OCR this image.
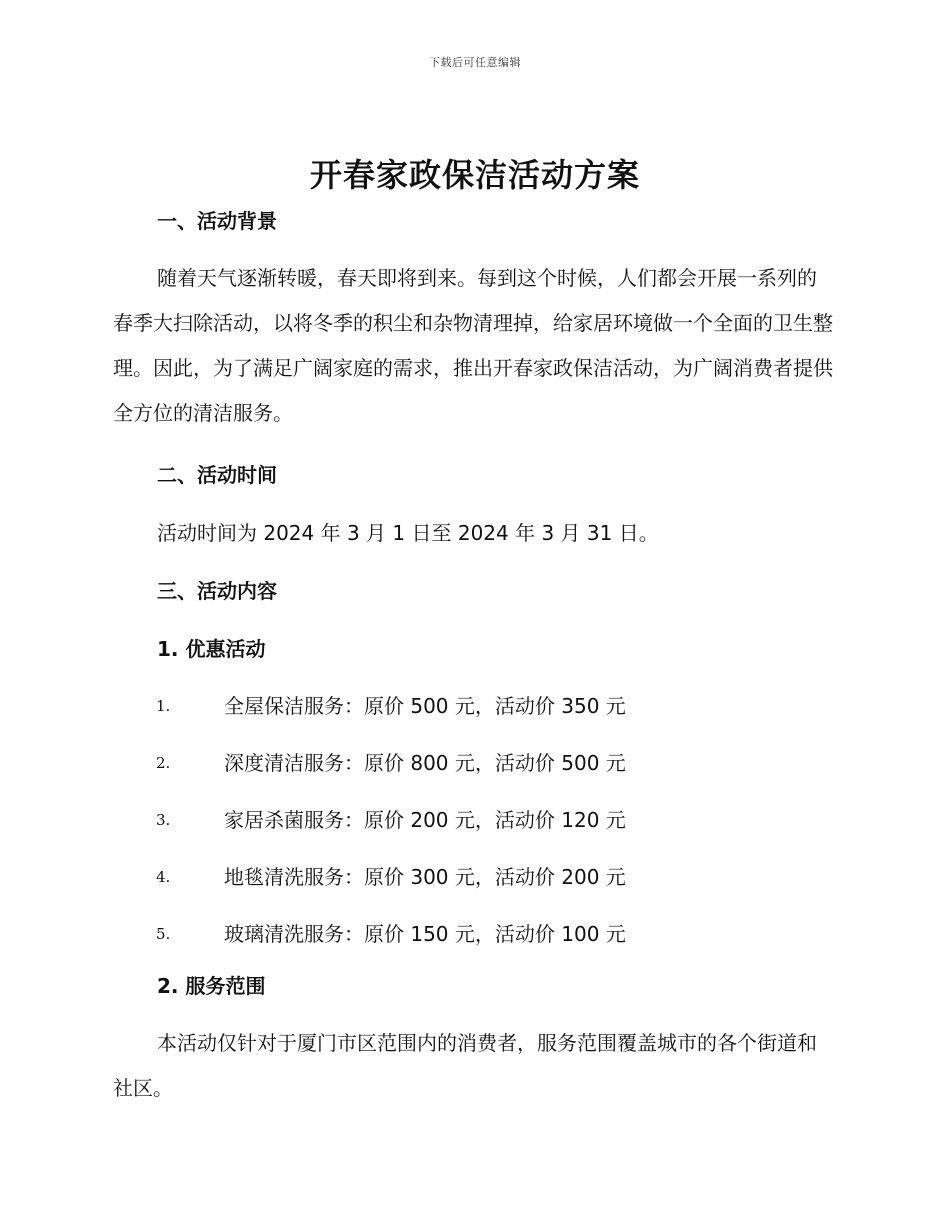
下载后可任意编辑
开春家政保洁活动方案
一、活动背景

随着天气逐渐转暖，春天即将到来。每到这个时候，人们都会开展一系列的春季大扫除活动，以将冬季的积尘和杂物清理掉，给家居环境做一个全面的卫生整理。因此，为了满足广阔家庭的需求，推出开春家政保洁活动，为广阔消费者提供全方位的清洁服务。

二、活动时间

活动时间为 2024 年 3 月 1 日至 2024 年 3 月 31 日。

三、活动内容
1. 优惠活动
1.	全屋保洁服务：原价 500 元，活动价 350 元
2.	深度清洁服务：原价 800 元，活动价 500 元
3.	家居杀菌服务：原价 200 元，活动价 120 元
4.	地毯清洗服务：原价 300 元，活动价 200 元
5.	玻璃清洗服务：原价 150 元，活动价 100 元
2. 服务范围

本活动仅针对于厦门市区范围内的消费者，服务范围覆盖城市的各个街道和社区。
